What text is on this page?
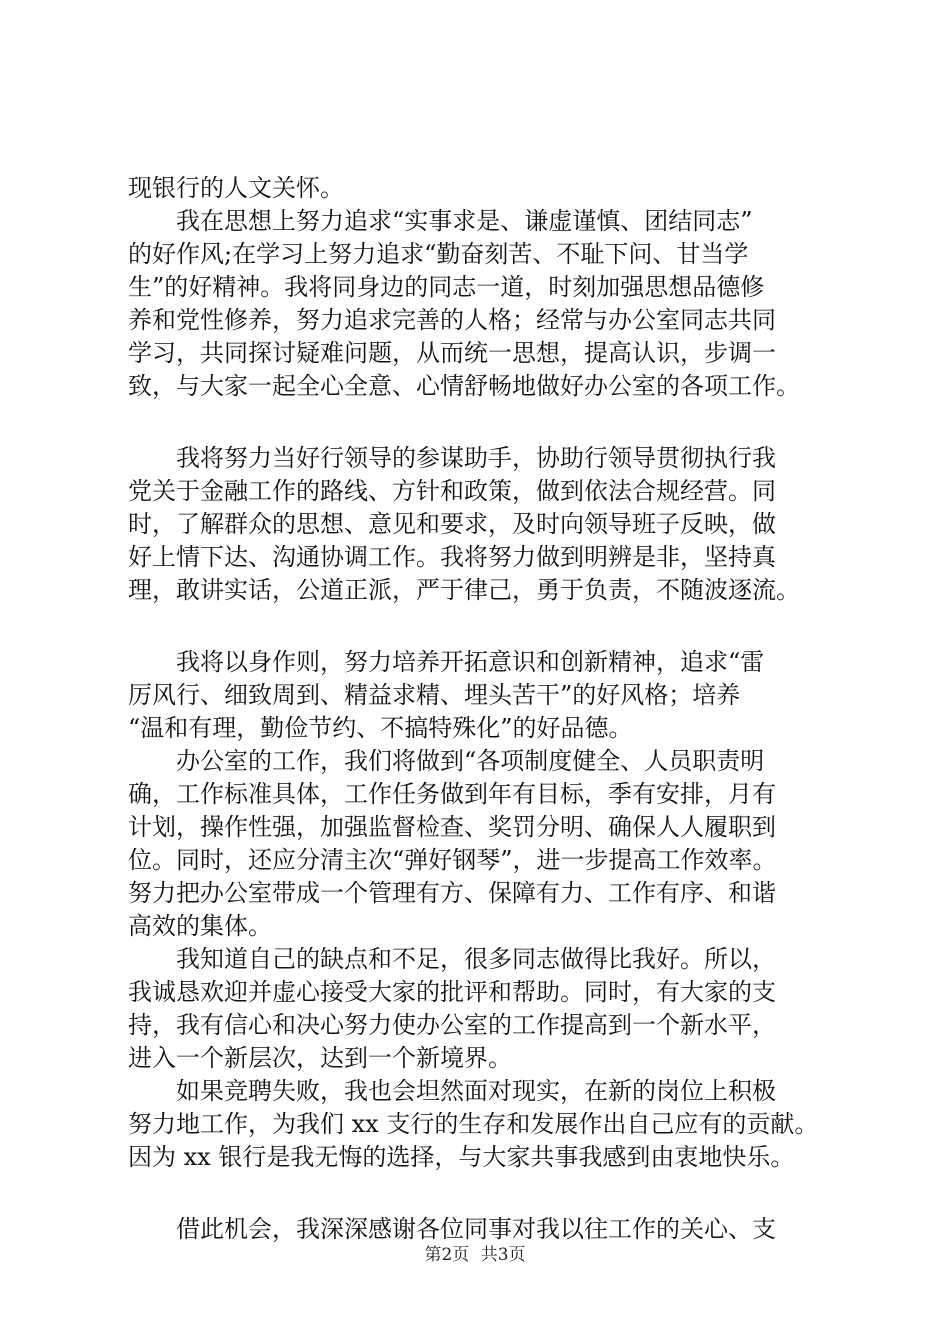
现银行的人文关怀。
　　我在思想上努力追求“实事求是、谦虚谨慎、团结同志”
的好作风;在学习上努力追求“勤奋刻苦、不耻下问、甘当学
生”的好精神。我将同身边的同志一道，时刻加强思想品德修
养和党性修养，努力追求完善的人格；经常与办公室同志共同
学习，共同探讨疑难问题，从而统一思想，提高认识，步调一
致，与大家一起全心全意、心情舒畅地做好办公室的各项工作。
　　我将努力当好行领导的参谋助手，协助行领导贯彻执行我
党关于金融工作的路线、方针和政策，做到依法合规经营。同
时，了解群众的思想、意见和要求，及时向领导班子反映，做
好上情下达、沟通协调工作。我将努力做到明辨是非，坚持真
理，敢讲实话，公道正派，严于律己，勇于负责，不随波逐流。
　　我将以身作则，努力培养开拓意识和创新精神，追求“雷
厉风行、细致周到、精益求精、埋头苦干”的好风格；培养
“温和有理，勤俭节约、不搞特殊化”的好品德。
　　办公室的工作，我们将做到“各项制度健全、人员职责明
确，工作标准具体，工作任务做到年有目标，季有安排，月有
计划，操作性强，加强监督检查、奖罚分明、确保人人履职到
位。同时，还应分清主次“弹好钢琴”，进一步提高工作效率。
努力把办公室带成一个管理有方、保障有力、工作有序、和谐
高效的集体。
　　我知道自己的缺点和不足，很多同志做得比我好。所以，
我诚恳欢迎并虚心接受大家的批评和帮助。同时，有大家的支
持，我有信心和决心努力使办公室的工作提高到一个新水平，
进入一个新层次，达到一个新境界。
　　如果竞聘失败，我也会坦然面对现实，在新的岗位上积极
努力地工作，为我们 xx 支行的生存和发展作出自己应有的贡献。
因为 xx 银行是我无悔的选择，与大家共事我感到由衷地快乐。
　　借此机会，我深深感谢各位同事对我以往工作的关心、支
第2页 共3页
